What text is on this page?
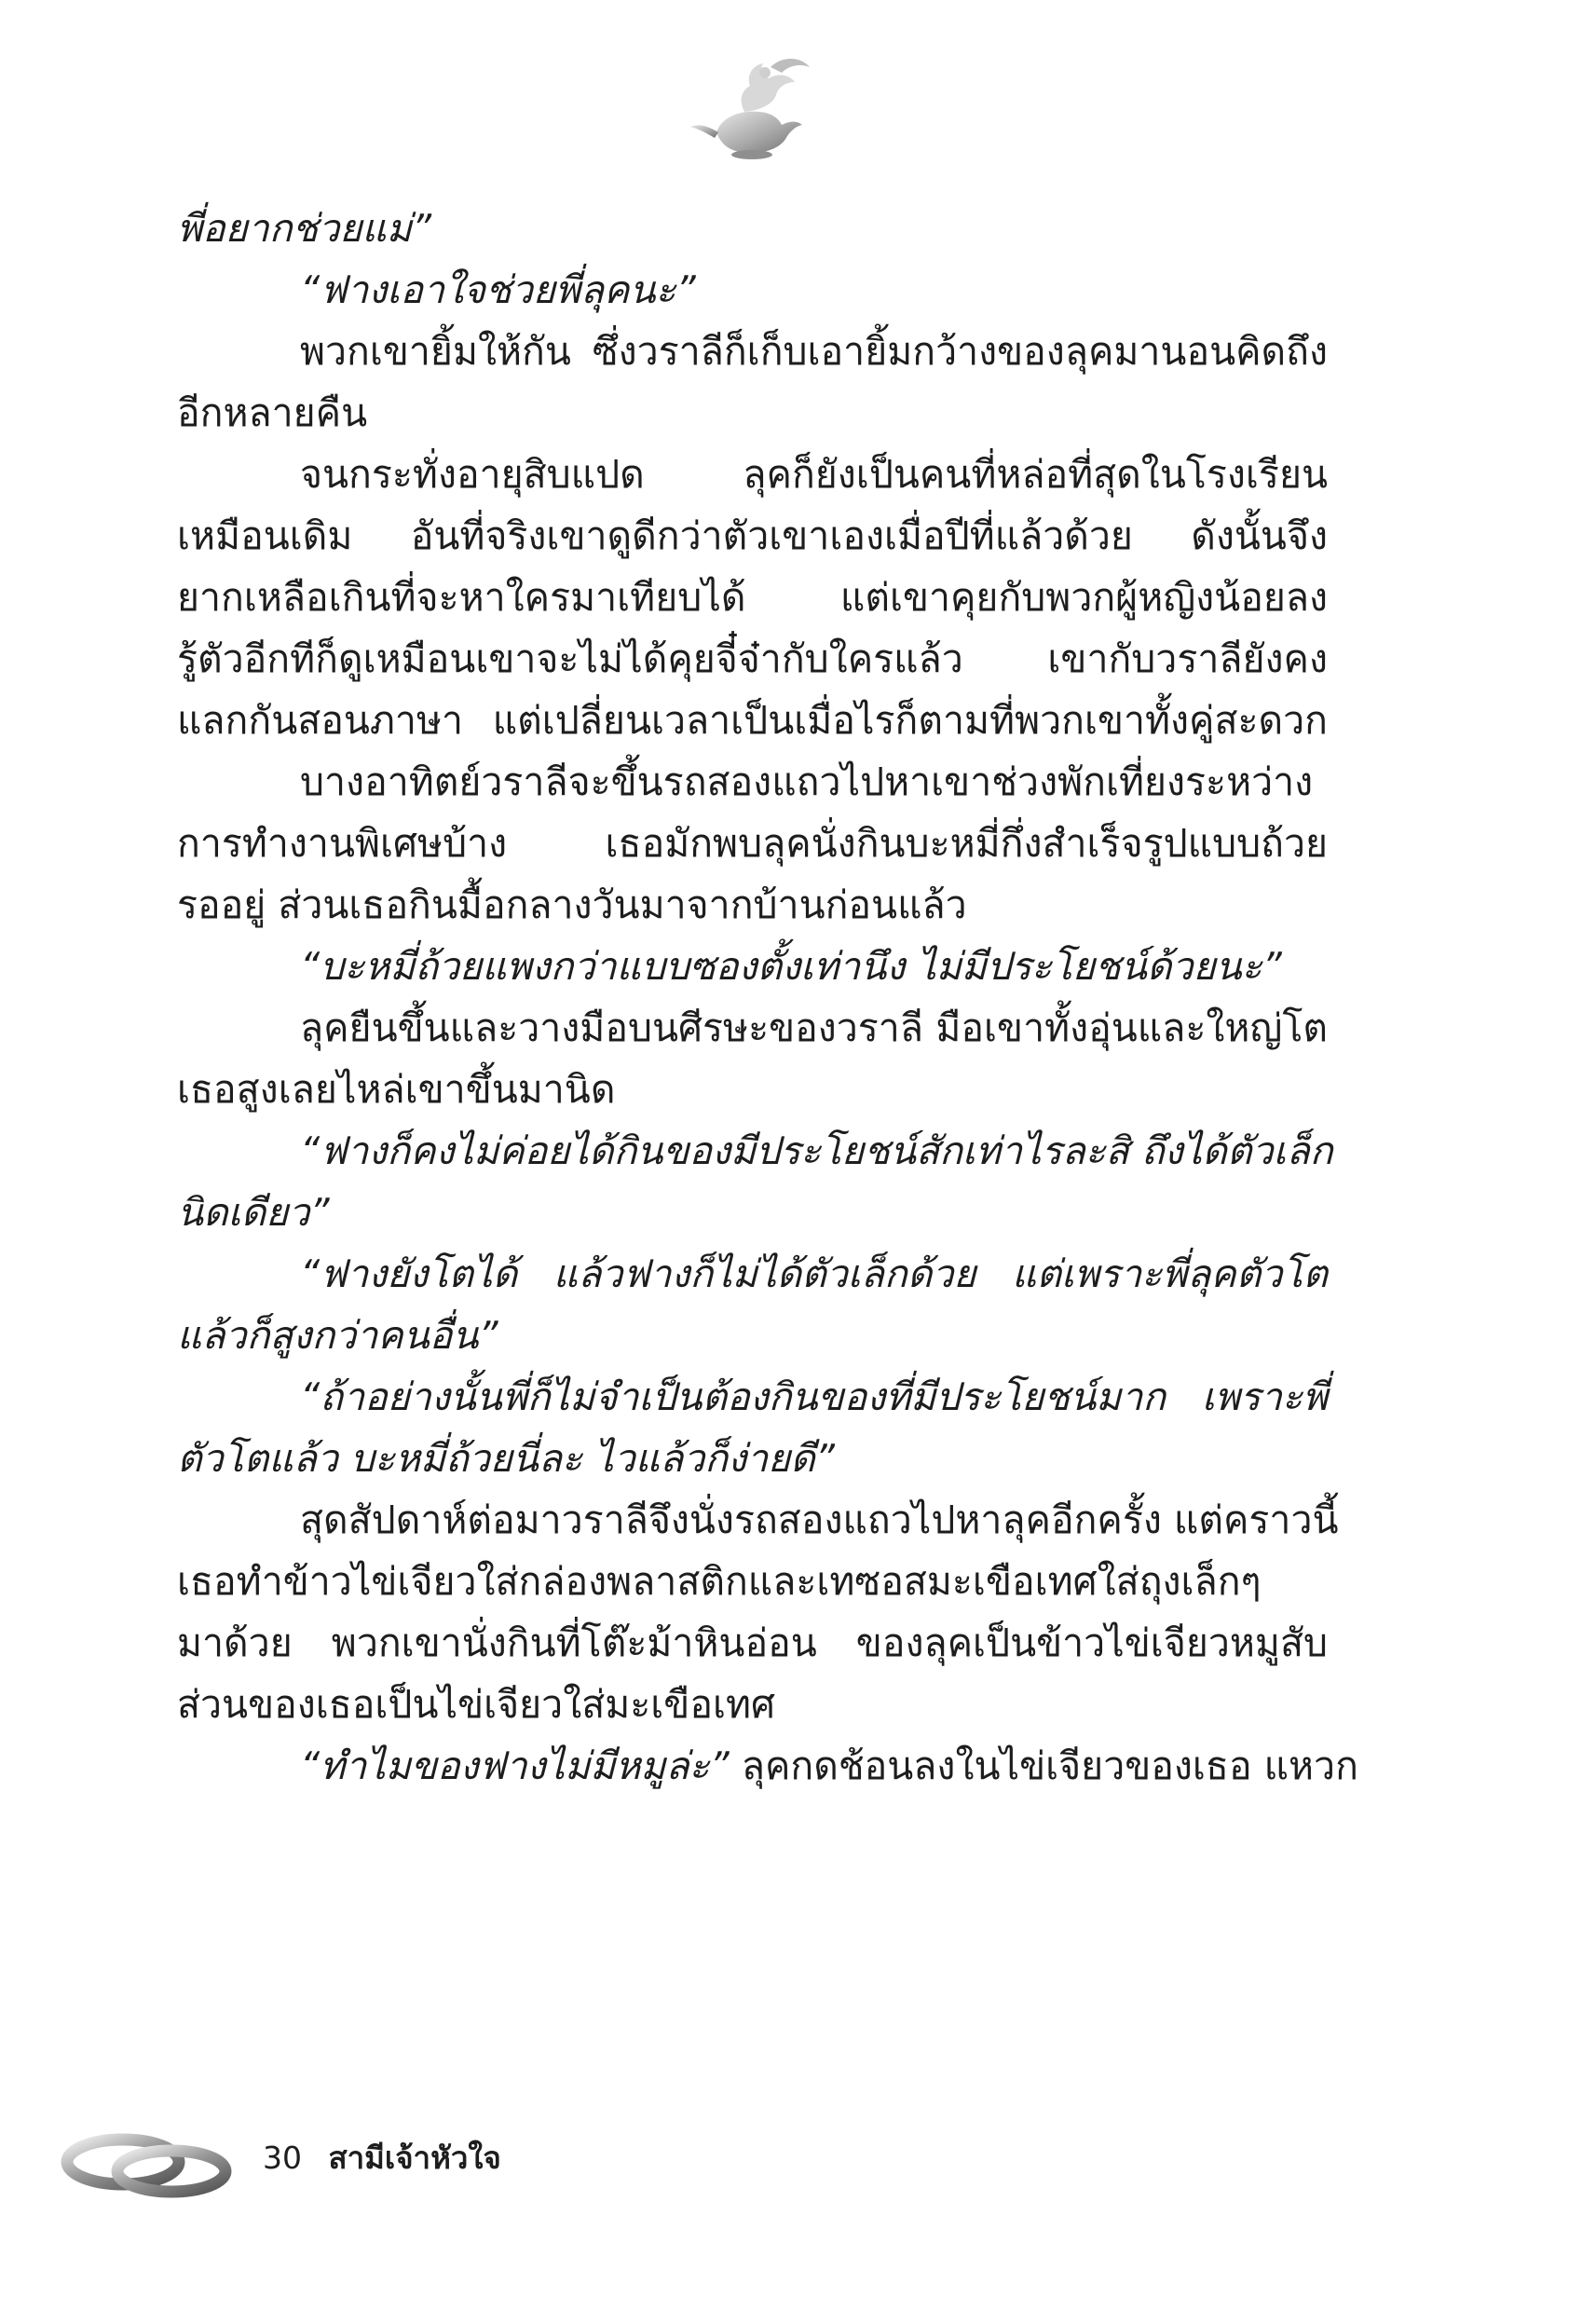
พี่อยากช่วยแม่”
“ฟางเอาใจช่วยพี่ลุคนะ”
พวกเขายิ้มให้กัน ซึ่งวราลีก็เก็บเอายิ้มกว้างของลุคมานอนคิดถึง
อีกหลายคืน
จนกระทั่งอายุสิบแปด ลุคก็ยังเป็นคนที่หล่อที่สุดในโรงเรียน
เหมือนเดิม อันที่จริงเขาดูดีกว่าตัวเขาเองเมื่อปีที่แล้วด้วย ดังนั้นจึง
ยากเหลือเกินที่จะหาใครมาเทียบได้ แต่เขาคุยกับพวกผู้หญิงน้อยลง
รู้ตัวอีกทีก็ดูเหมือนเขาจะไม่ได้คุยจี๋จ๋ากับใครแล้ว เขากับวราลียังคง
แลกกันสอนภาษา แต่เปลี่ยนเวลาเป็นเมื่อไรก็ตามที่พวกเขาทั้งคู่สะดวก
บางอาทิตย์วราลีจะขึ้นรถสองแถวไปหาเขาช่วงพักเที่ยงระหว่าง
การทำงานพิเศษบ้าง เธอมักพบลุคนั่งกินบะหมี่กึ่งสำเร็จรูปแบบถ้วย
รออยู่ ส่วนเธอกินมื้อกลางวันมาจากบ้านก่อนแล้ว
“บะหมี่ถ้วยแพงกว่าแบบซองตั้งเท่านึง ไม่มีประโยชน์ด้วยนะ”
ลุคยืนขึ้นและวางมือบนศีรษะของวราลี มือเขาทั้งอุ่นและใหญ่โต
เธอสูงเลยไหล่เขาขึ้นมานิด
“ฟางก็คงไม่ค่อยได้กินของมีประโยชน์สักเท่าไรละสิ ถึงได้ตัวเล็ก
นิดเดียว”
“ฟางยังโตได้ แล้วฟางก็ไม่ได้ตัวเล็กด้วย แต่เพราะพี่ลุคตัวโต
แล้วก็สูงกว่าคนอื่น”
“ถ้าอย่างนั้นพี่ก็ไม่จำเป็นต้องกินของที่มีประโยชน์มาก เพราะพี่
ตัวโตแล้ว บะหมี่ถ้วยนี่ละ ไวแล้วก็ง่ายดี”
สุดสัปดาห์ต่อมาวราลีจึงนั่งรถสองแถวไปหาลุคอีกครั้ง แต่คราวนี้
เธอทำข้าวไข่เจียวใส่กล่องพลาสติกและเทซอสมะเขือเทศใส่ถุงเล็กๆ
มาด้วย พวกเขานั่งกินที่โต๊ะม้าหินอ่อน ของลุคเป็นข้าวไข่เจียวหมูสับ
ส่วนของเธอเป็นไข่เจียวใส่มะเขือเทศ
“ทำไมของฟางไม่มีหมูล่ะ” ลุคกดช้อนลงในไข่เจียวของเธอ แหวก
30 สามีเจ้าหัวใจ
